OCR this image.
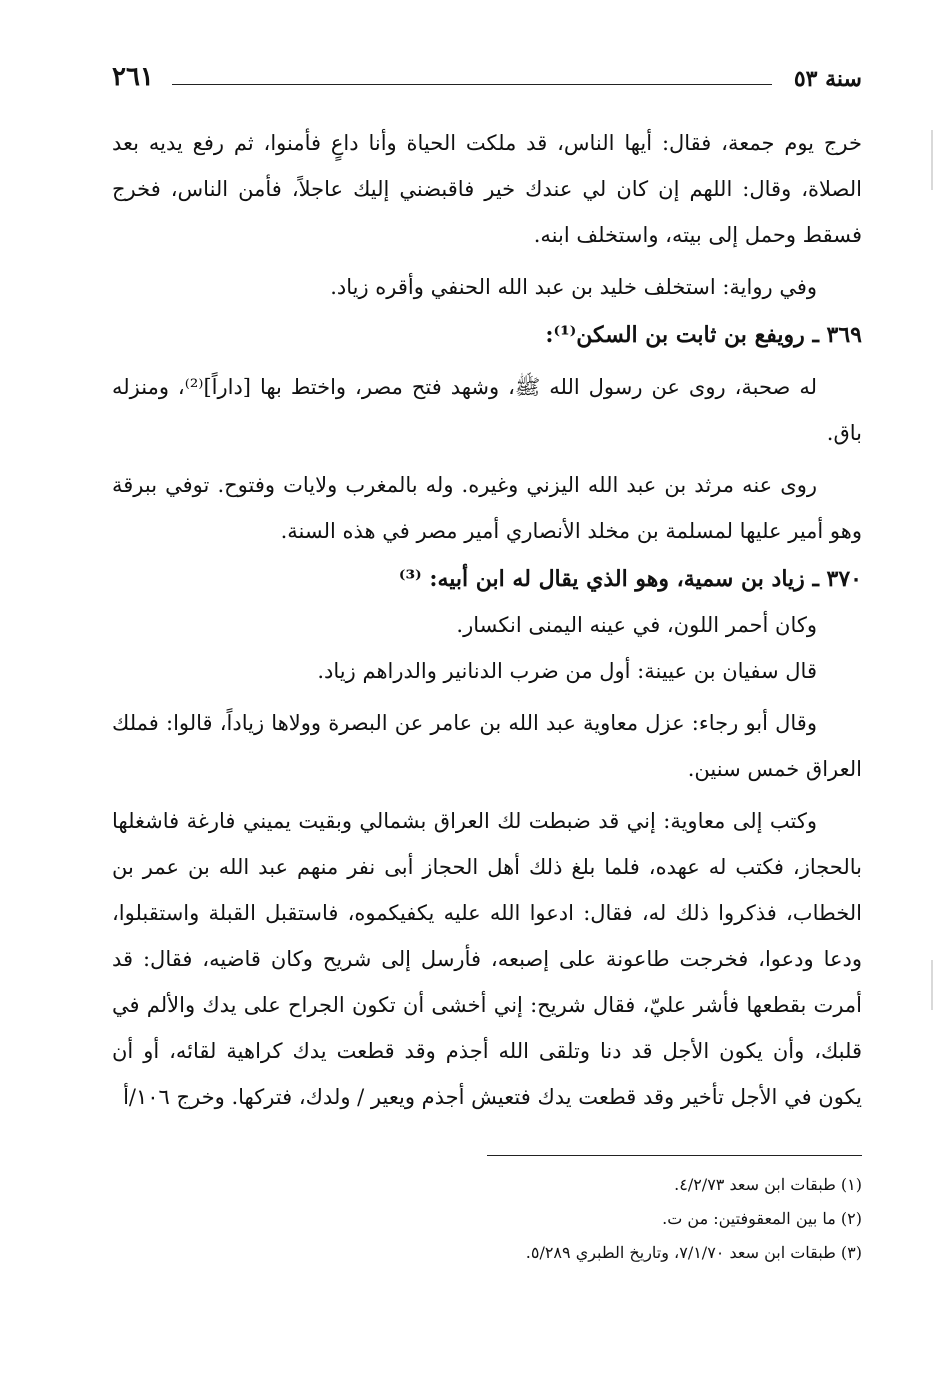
٢٦١	سنة ٥٣

خرج يوم جمعة، فقال: أيها الناس، قد ملكت الحياة وأنا داعٍ فأمنوا، ثم رفع يديه بعد الصلاة، وقال: اللهم إن كان لي عندك خير فاقبضني إليك عاجلاً، فأمن الناس، فخرج فسقط وحمل إلى بيته، واستخلف ابنه.

وفي رواية: استخلف خليد بن عبد الله الحنفي وأقره زياد.

٣٦٩ ـ رويفع بن ثابت بن السكن⁽¹⁾:

له صحبة، روى عن رسول الله ﷺ، وشهد فتح مصر، واختط بها [داراً]⁽²⁾، ومنزله باق.

روى عنه مرثد بن عبد الله اليزني وغيره. وله بالمغرب ولايات وفتوح. توفي ببرقة وهو أمير عليها لمسلمة بن مخلد الأنصاري أمير مصر في هذه السنة.

٣٧٠ ـ زياد بن سمية، وهو الذي يقال له ابن أبيه: ⁽³⁾

وكان أحمر اللون، في عينه اليمنى انكسار.

قال سفيان بن عيينة: أول من ضرب الدنانير والدراهم زياد.

وقال أبو رجاء: عزل معاوية عبد الله بن عامر عن البصرة وولاها زياداً، قالوا: فملك العراق خمس سنين.

وكتب إلى معاوية: إني قد ضبطت لك العراق بشمالي وبقيت يميني فارغة فاشغلها بالحجاز، فكتب له عهده، فلما بلغ ذلك أهل الحجاز أبى نفر منهم عبد الله بن عمر بن الخطاب، فذكروا ذلك له، فقال: ادعوا الله عليه يكفيكموه، فاستقبل القبلة واستقبلوا، ودعا ودعوا، فخرجت طاعونة على إصبعه، فأرسل إلى شريح وكان قاضيه، فقال: قد أمرت بقطعها فأشر عليّ، فقال شريح: إني أخشى أن تكون الجراح على يدك والألم في قلبك، وأن يكون الأجل قد دنا وتلقى الله أجذم وقد قطعت يدك كراهية لقائه، أو أن يكون في الأجل تأخير وقد قطعت يدك فتعيش أجذم ويعير / ولدك، فتركها. وخرج ١٠٦/أ

(١) طبقات ابن سعد ٤/٢/٧٣.

(٢) ما بين المعقوفتين: من ت.

(٣) طبقات ابن سعد ٧/١/٧٠، وتاريخ الطبري ٥/٢٨٩.
